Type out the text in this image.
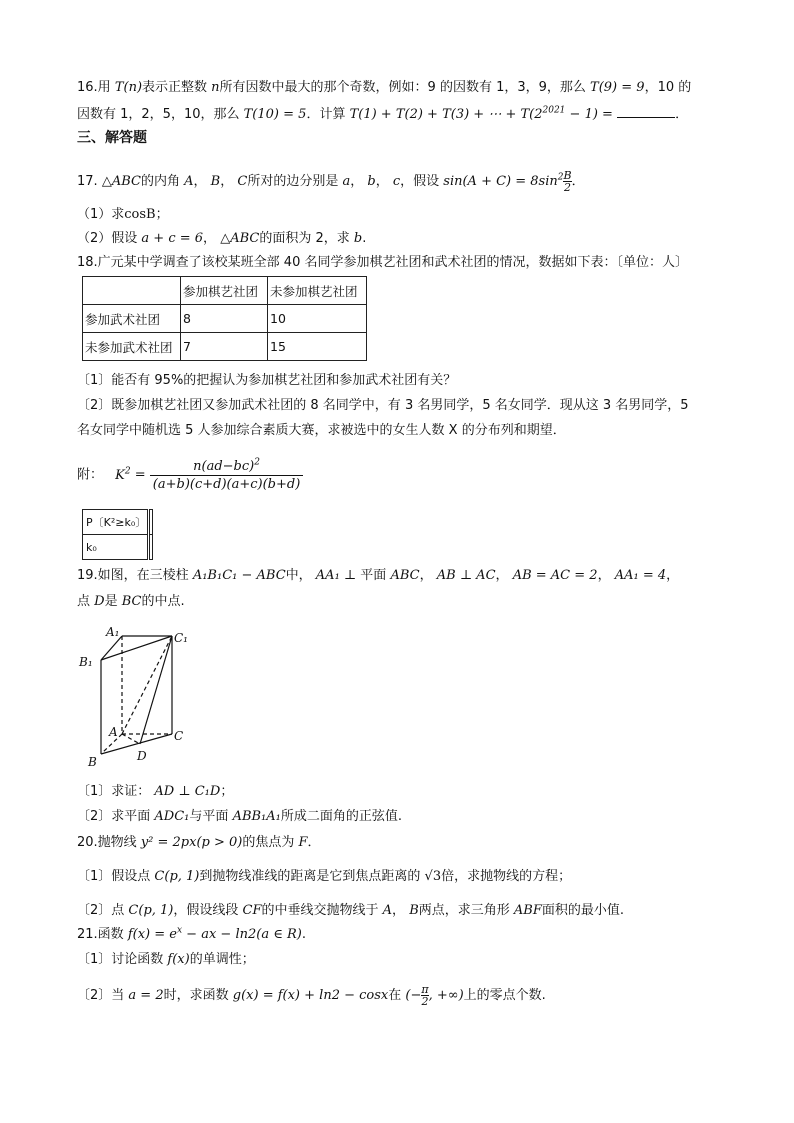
16.用 T(n)表示正整数 n所有因数中最大的那个奇数，例如：9 的因数有 1，3，9，那么 T(9) = 9，10 的
因数有 1，2，5，10，那么 T(10) = 5．计算 T(1) + T(2) + T(3) + ⋯ + $T(2^{2021} - 1)$ =	．
三、解答题
17. △ABC的内角 A， B， C所对的边分别是 a， b， c，假设 $\sin(A + C) = 8\sin^2 \frac{B}{2}$ ．
（1）求cosB；
（2）假设 a + c = 6， △ABC的面积为 2，求 b.
18.广元某中学调查了该校某班全部 40 名同学参加棋艺社团和武术社团的情况，数据如下表：〔单位：人〕
	参加棋艺社团	未参加棋艺社团
参加武术社团	8	10
未参加武术社团	7	15
〔1〕能否有 95%的把握认为参加棋艺社团和参加武术社团有关？
〔2〕既参加棋艺社团又参加武术社团的 8 名同学中，有 3 名男同学，5 名女同学．现从这 3 名男同学，5
名女同学中随机选 5 人参加综合素质大赛，求被选中的女生人数 X 的分布列和期望．
附： $K^2 = \frac{n(ad-bc)^2}{(a+b)(c+d)(a+c)(b+d)}$
P〔K²≥k₀〕	
k₀	
19.如图，在三棱柱 A₁B₁C₁ − ABC中， AA₁ ⊥ 平面 ABC， AB ⊥ AC， AB = AC = 2， AA₁ = 4，
点 D是 BC的中点.
A₁	C₁
B₁
A	C
B	D
〔1〕求证： AD ⊥ C₁D；
〔2〕求平面 ADC₁与平面 ABB₁A₁所成二面角的正弦值.
20.抛物线 y² = 2px(p > 0)的焦点为 F．
〔1〕假设点 C(p, 1)到抛物线准线的距离是它到焦点距离的 √3倍，求抛物线的方程；
〔2〕点 C(p, 1)，假设线段 CF的中垂线交抛物线于 A， B两点，求三角形 ABF面积的最小值.
21.函数 $f(x) = e^x$ − ax − ln2(a ∈ R).
〔1〕讨论函数 f(x)的单调性；
〔2〕当 a = 2时，求函数 g(x) = f(x) + ln2 − cosx在 (− $\frac{\pi}{2}$ , +∞)上的零点个数.
